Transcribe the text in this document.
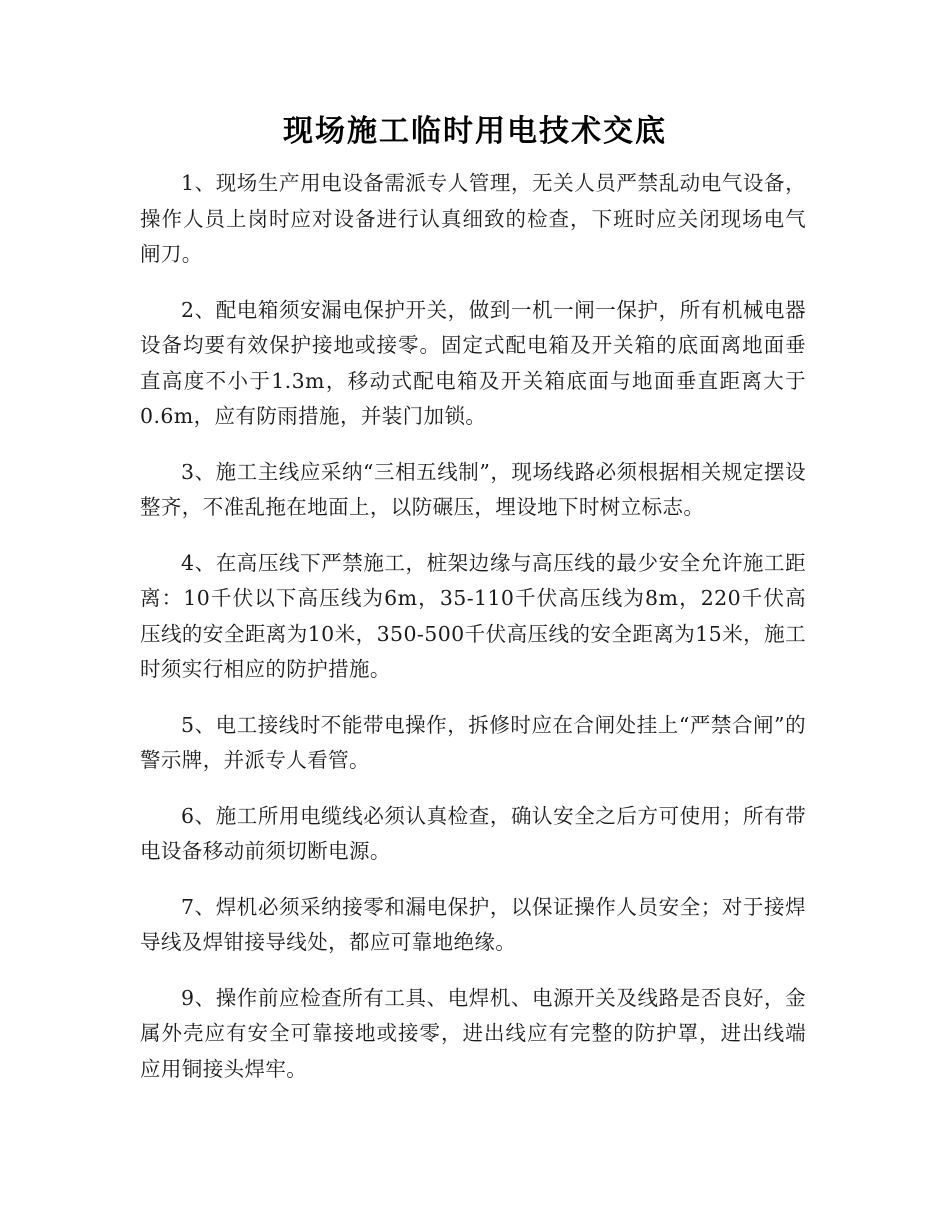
现场施工临时用电技术交底

1、现场生产用电设备需派专人管理，无关人员严禁乱动电气设备，操作人员上岗时应对设备进行认真细致的检查，下班时应关闭现场电气闸刀。

2、配电箱须安漏电保护开关，做到一机一闸一保护，所有机械电器设备均要有效保护接地或接零。固定式配电箱及开关箱的底面离地面垂直高度不小于1.3m，移动式配电箱及开关箱底面与地面垂直距离大于0.6m，应有防雨措施，并装门加锁。

3、施工主线应采纳“三相五线制”，现场线路必须根据相关规定摆设整齐，不准乱拖在地面上，以防碾压，埋设地下时树立标志。

4、在高压线下严禁施工，桩架边缘与高压线的最少安全允许施工距离：10千伏以下高压线为6m，35-110千伏高压线为8m，220千伏高压线的安全距离为10米，350-500千伏高压线的安全距离为15米，施工时须实行相应的防护措施。

5、电工接线时不能带电操作，拆修时应在合闸处挂上“严禁合闸”的警示牌，并派专人看管。

6、施工所用电缆线必须认真检查，确认安全之后方可使用；所有带电设备移动前须切断电源。

7、焊机必须采纳接零和漏电保护，以保证操作人员安全；对于接焊导线及焊钳接导线处，都应可靠地绝缘。

9、操作前应检查所有工具、电焊机、电源开关及线路是否良好，金属外壳应有安全可靠接地或接零，进出线应有完整的防护罩，进出线端应用铜接头焊牢。
